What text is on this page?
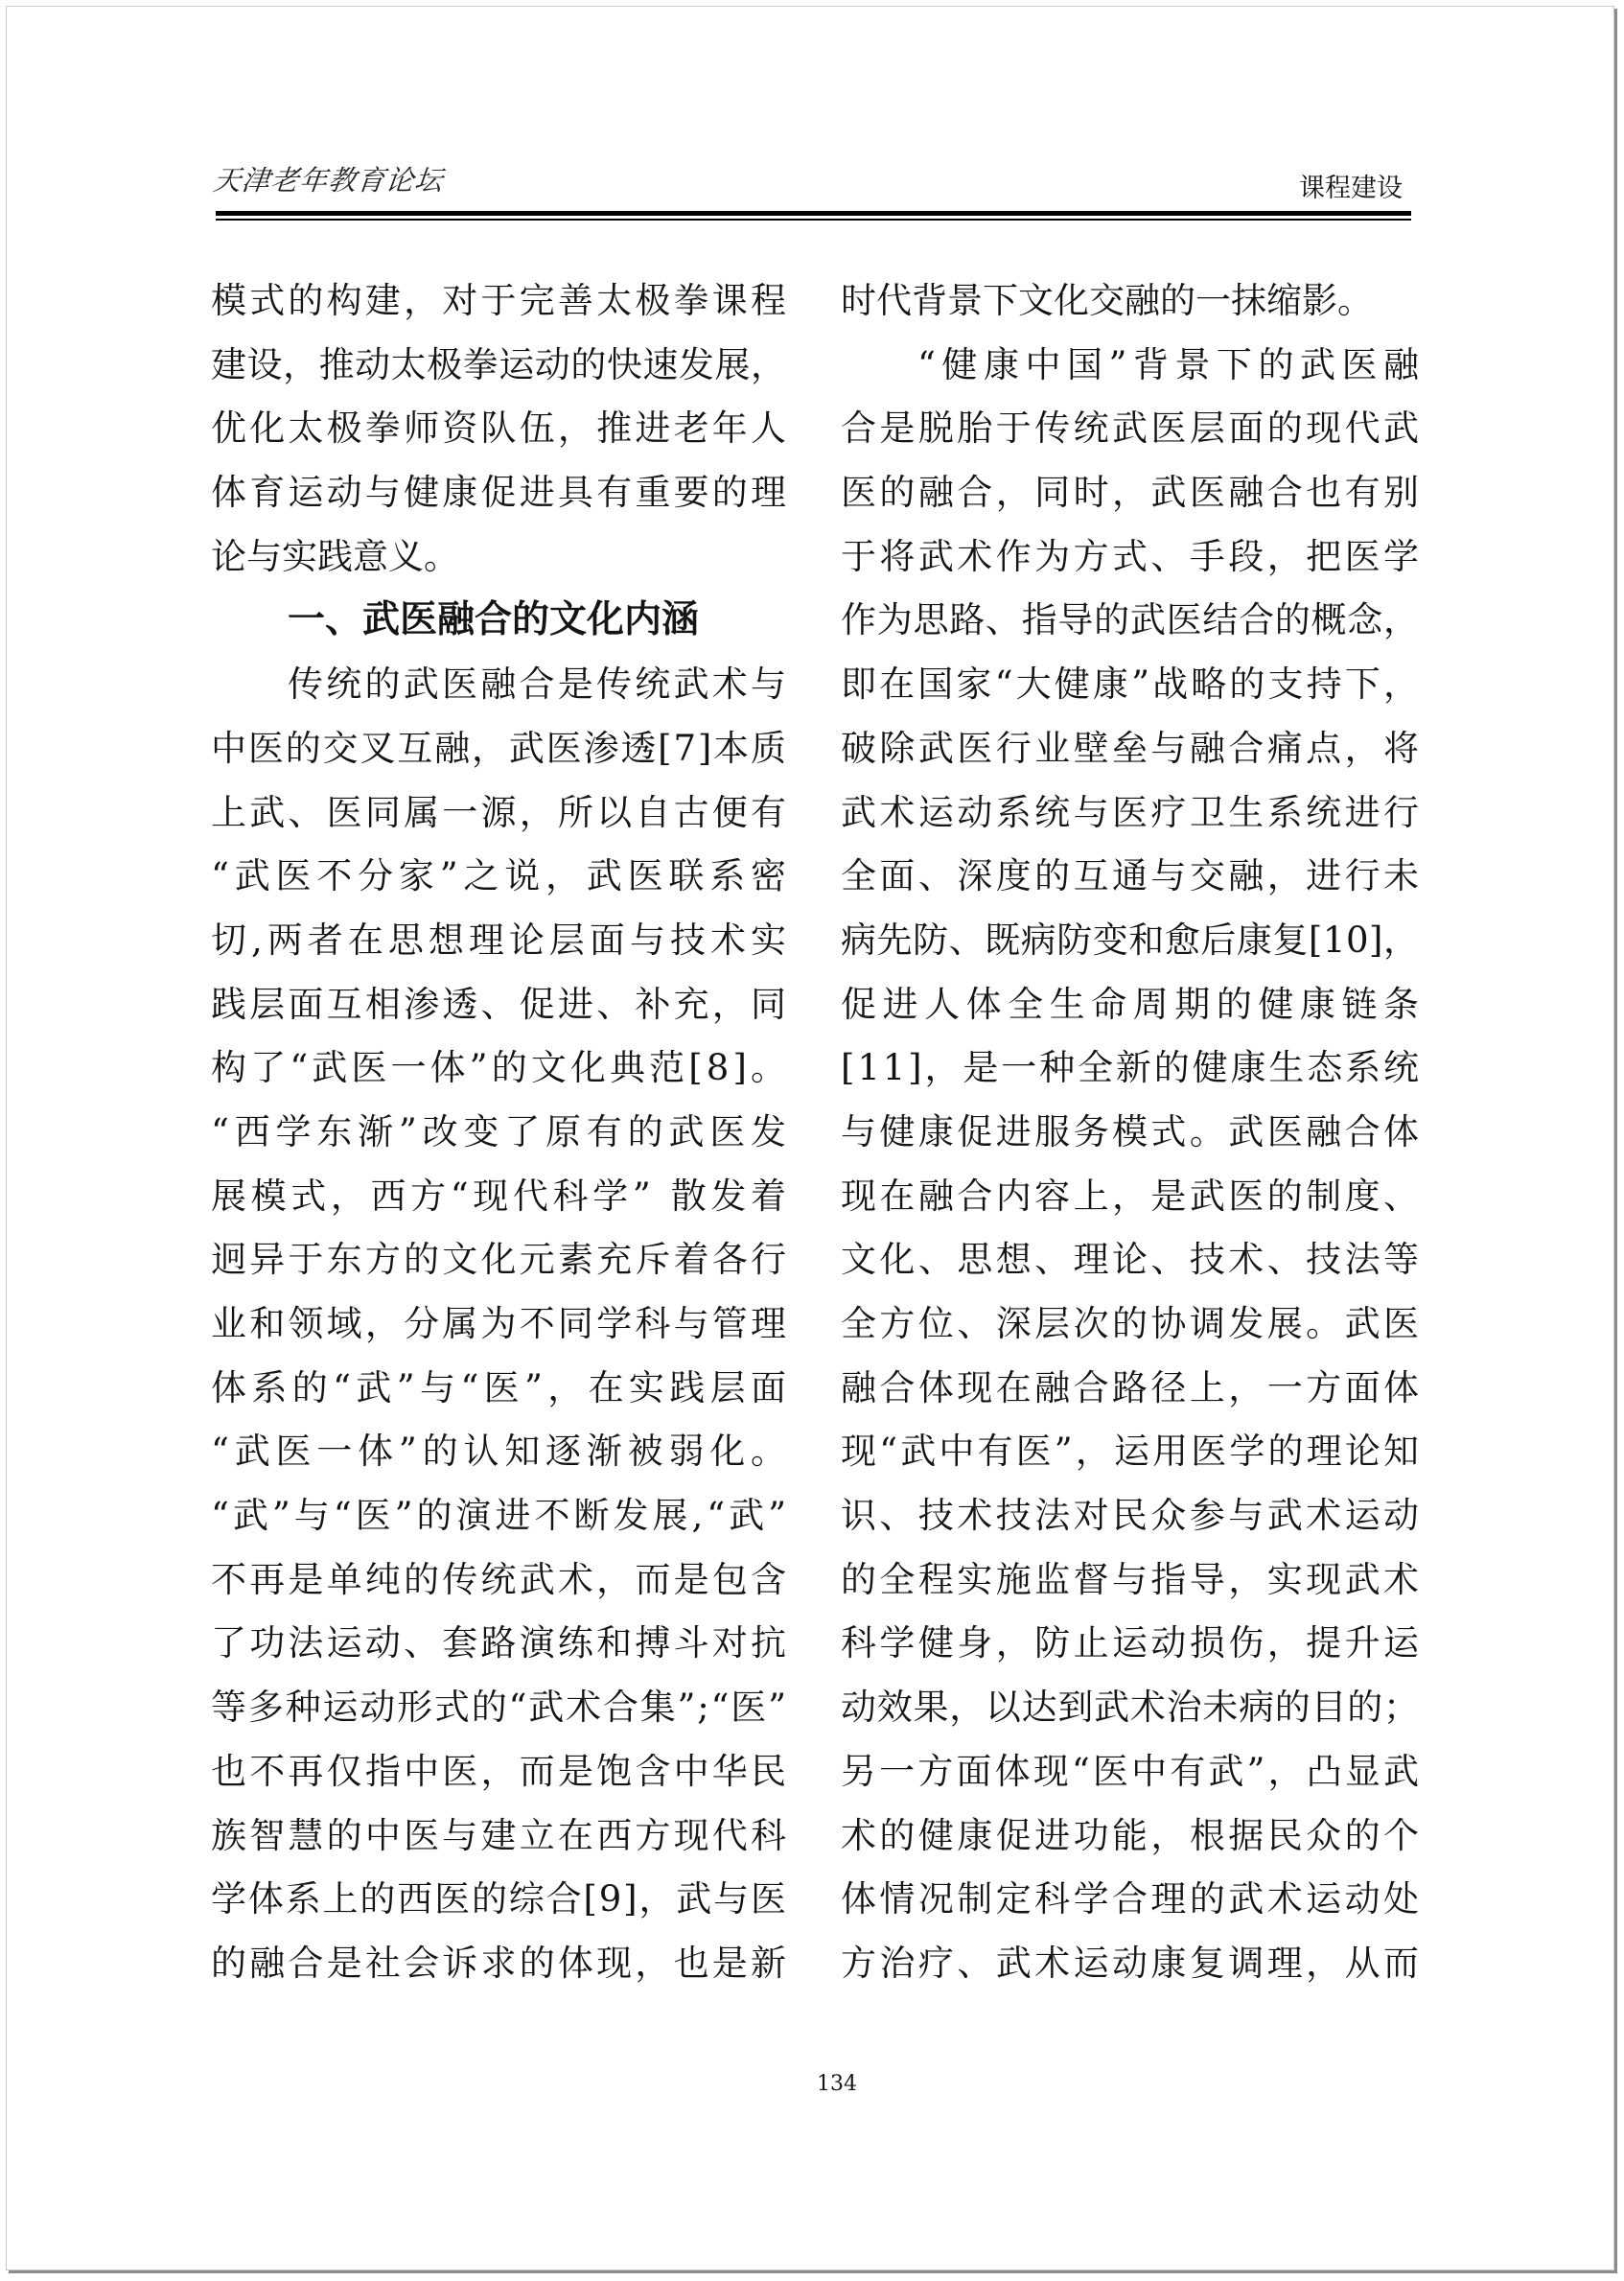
天津老年教育论坛	课程建设
模式的构建，对于完善太极拳课程
建设，推动太极拳运动的快速发展，
优化太极拳师资队伍，推进老年人
体育运动与健康促进具有重要的理
论与实践意义。
一、武医融合的文化内涵
传统的武医融合是传统武术与
中医的交叉互融，武医渗透[7]本质
上武、医同属一源，所以自古便有
“武医不分家”之说，武医联系密
切,两者在思想理论层面与技术实
践层面互相渗透、促进、补充，同
构了“武医一体”的文化典范[8]。
“西学东渐”改变了原有的武医发
展模式，西方“现代科学” 散发着
迥异于东方的文化元素充斥着各行
业和领域，分属为不同学科与管理
体系的“武”与“医”，在实践层面
“武医一体”的认知逐渐被弱化。
“武”与“医”的演进不断发展,“武”
不再是单纯的传统武术，而是包含
了功法运动、套路演练和搏斗对抗
等多种运动形式的“武术合集”;“医”
也不再仅指中医，而是饱含中华民
族智慧的中医与建立在西方现代科
学体系上的西医的综合[9]，武与医
的融合是社会诉求的体现，也是新
时代背景下文化交融的一抹缩影。
“健康中国”背景下的武医融
合是脱胎于传统武医层面的现代武
医的融合，同时，武医融合也有别
于将武术作为方式、手段，把医学
作为思路、指导的武医结合的概念，
即在国家“大健康”战略的支持下，
破除武医行业壁垒与融合痛点，将
武术运动系统与医疗卫生系统进行
全面、深度的互通与交融，进行未
病先防、既病防变和愈后康复[10]，
促进人体全生命周期的健康链条
[11]，是一种全新的健康生态系统
与健康促进服务模式。武医融合体
现在融合内容上，是武医的制度、
文化、思想、理论、技术、技法等
全方位、深层次的协调发展。武医
融合体现在融合路径上，一方面体
现“武中有医”，运用医学的理论知
识、技术技法对民众参与武术运动
的全程实施监督与指导，实现武术
科学健身，防止运动损伤，提升运
动效果，以达到武术治未病的目的；
另一方面体现“医中有武”，凸显武
术的健康促进功能，根据民众的个
体情况制定科学合理的武术运动处
方治疗、武术运动康复调理，从而
134
